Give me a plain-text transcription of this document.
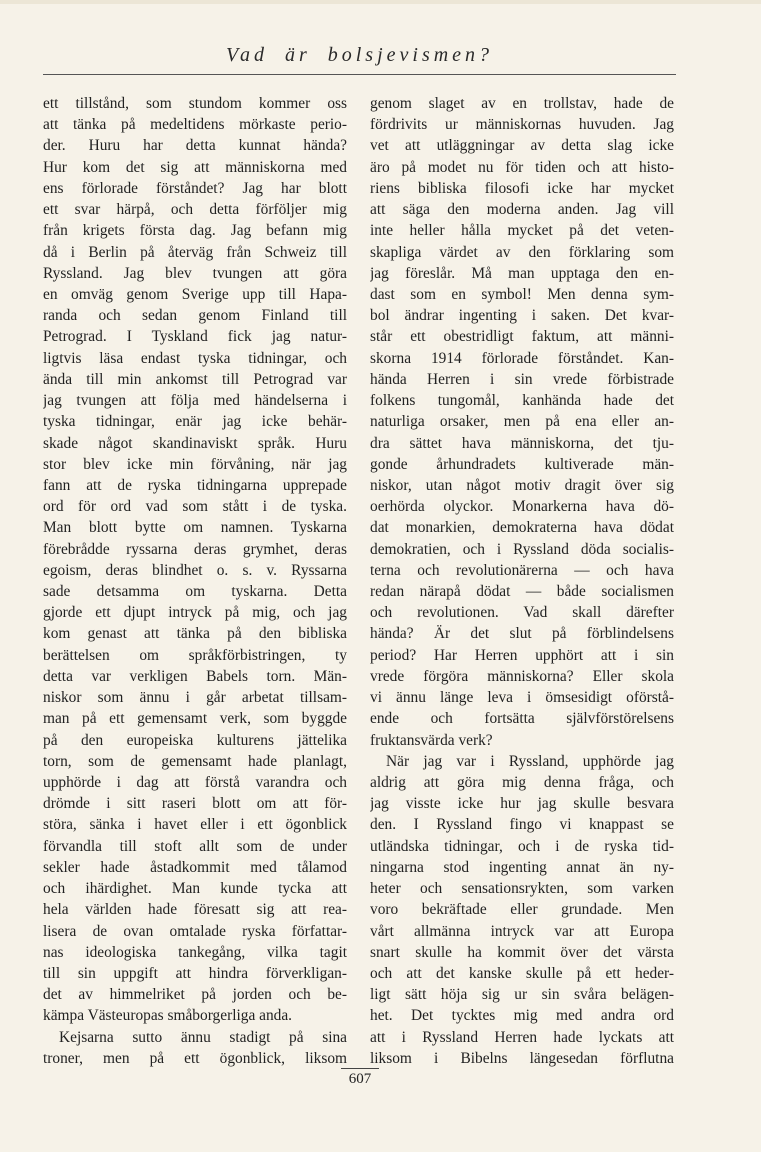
Vad är bolsjevismen?
ett tillstånd, som stundom kommer oss
att tänka på medeltidens mörkaste perio-
der. Huru har detta kunnat hända?
Hur kom det sig att människorna med
ens förlorade förståndet? Jag har blott
ett svar härpå, och detta förföljer mig
från krigets första dag. Jag befann mig
då i Berlin på återväg från Schweiz till
Ryssland. Jag blev tvungen att göra
en omväg genom Sverige upp till Hapa-
randa och sedan genom Finland till
Petrograd. I Tyskland fick jag natur-
ligtvis läsa endast tyska tidningar, och
ända till min ankomst till Petrograd var
jag tvungen att följa med händelserna i
tyska tidningar, enär jag icke behär-
skade något skandinaviskt språk. Huru
stor blev icke min förvåning, när jag
fann att de ryska tidningarna upprepade
ord för ord vad som stått i de tyska.
Man blott bytte om namnen. Tyskarna
förebrådde ryssarna deras grymhet, deras
egoism, deras blindhet o. s. v. Ryssarna
sade detsamma om tyskarna. Detta
gjorde ett djupt intryck på mig, och jag
kom genast att tänka på den bibliska
berättelsen om språkförbistringen, ty
detta var verkligen Babels torn. Män-
niskor som ännu i går arbetat tillsam-
man på ett gemensamt verk, som byggde
på den europeiska kulturens jättelika
torn, som de gemensamt hade planlagt,
upphörde i dag att förstå varandra och
drömde i sitt raseri blott om att för-
störa, sänka i havet eller i ett ögonblick
förvandla till stoft allt som de under
sekler hade åstadkommit med tålamod
och ihärdighet. Man kunde tycka att
hela världen hade föresatt sig att rea-
lisera de ovan omtalade ryska författar-
nas ideologiska tankegång, vilka tagit
till sin uppgift att hindra förverkligan-
det av himmelriket på jorden och be-
kämpa Västeuropas småborgerliga anda.
Kejsarna sutto ännu stadigt på sina
troner, men på ett ögonblick, liksom
genom slaget av en trollstav, hade de
fördrivits ur människornas huvuden. Jag
vet att utläggningar av detta slag icke
äro på modet nu för tiden och att histo-
riens bibliska filosofi icke har mycket
att säga den moderna anden. Jag vill
inte heller hålla mycket på det veten-
skapliga värdet av den förklaring som
jag föreslår. Må man upptaga den en-
dast som en symbol! Men denna sym-
bol ändrar ingenting i saken. Det kvar-
står ett obestridligt faktum, att männi-
skorna 1914 förlorade förståndet. Kan-
hända Herren i sin vrede förbistrade
folkens tungomål, kanhända hade det
naturliga orsaker, men på ena eller an-
dra sättet hava människorna, det tju-
gonde århundradets kultiverade män-
niskor, utan något motiv dragit över sig
oerhörda olyckor. Monarkerna hava dö-
dat monarkien, demokraterna hava dödat
demokratien, och i Ryssland döda socialis-
terna och revolutionärerna — och hava
redan närapå dödat — både socialismen
och revolutionen. Vad skall därefter
hända? Är det slut på förblindelsens
period? Har Herren upphört att i sin
vrede förgöra människorna? Eller skola
vi ännu länge leva i ömsesidigt oförstå-
ende och fortsätta självförstörelsens
fruktansvärda verk?
När jag var i Ryssland, upphörde jag
aldrig att göra mig denna fråga, och
jag visste icke hur jag skulle besvara
den. I Ryssland fingo vi knappast se
utländska tidningar, och i de ryska tid-
ningarna stod ingenting annat än ny-
heter och sensationsrykten, som varken
voro bekräftade eller grundade. Men
vårt allmänna intryck var att Europa
snart skulle ha kommit över det värsta
och att det kanske skulle på ett heder-
ligt sätt höja sig ur sin svåra belägen-
het. Det tycktes mig med andra ord
att i Ryssland Herren hade lyckats att
liksom i Bibelns längesedan förflutna
607
